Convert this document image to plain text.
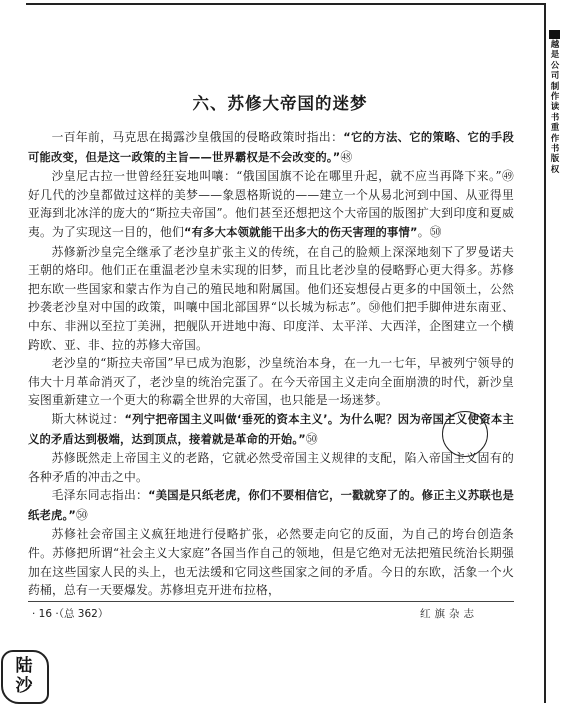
越是公司制作读书重作书版权
六、苏修大帝国的迷梦

一百年前，马克思在揭露沙皇俄国的侵略政策时指出：“它的方法、它的策略、它的手段可能改变，但是这一政策的主旨——世界霸权是不会改变的。”㊽

沙皇尼古拉一世曾经狂妄地叫嚷：“俄国国旗不论在哪里升起，就不应当再降下来。”㊾好几代的沙皇都做过这样的美梦——象恩格斯说的——建立一个从易北河到中国、从亚得里亚海到北冰洋的庞大的“斯拉夫帝国”。他们甚至还想把这个大帝国的版图扩大到印度和夏威夷。为了实现这一目的，他们“有多大本领就能干出多大的伤天害理的事情”。㊿

苏修新沙皇完全继承了老沙皇扩张主义的传统，在自己的脸颊上深深地刻下了罗曼诺夫王朝的烙印。他们正在重温老沙皇未实现的旧梦，而且比老沙皇的侵略野心更大得多。苏修把东欧一些国家和蒙古作为自己的殖民地和附属国。他们还妄想侵占更多的中国领土，公然抄袭老沙皇对中国的政策，叫嚷中国北部国界“以长城为标志”。㊿他们把手脚伸进东南亚、中东、非洲以至拉丁美洲，把舰队开进地中海、印度洋、太平洋、大西洋，企图建立一个横跨欧、亚、非、拉的苏修大帝国。

老沙皇的“斯拉夫帝国”早已成为泡影，沙皇统治本身，在一九一七年，早被列宁领导的伟大十月革命消灭了，老沙皇的统治完蛋了。在今天帝国主义走向全面崩溃的时代，新沙皇妄图重新建立一个更大的称霸全世界的大帝国，也只能是一场迷梦。

斯大林说过：“列宁把帝国主义叫做‘垂死的资本主义’。为什么呢？因为帝国主义使资本主义的矛盾达到极端，达到顶点，接着就是革命的开始。”㊿

苏修既然走上帝国主义的老路，它就必然受帝国主义规律的支配，陷入帝国主义固有的各种矛盾的冲击之中。

毛泽东同志指出：“美国是只纸老虎，你们不要相信它，一戳就穿了的。修正主义苏联也是纸老虎。”㊿

苏修社会帝国主义疯狂地进行侵略扩张，必然要走向它的反面，为自己的垮台创造条件。苏修把所谓“社会主义大家庭”各国当作自己的领地，但是它绝对无法把殖民统治长期强加在这些国家人民的头上，也无法缓和它同这些国家之间的矛盾。今日的东欧，活象一个火药桶，总有一天要爆发。苏修坦克开进布拉格，

· 16 ·（总 362）	红旗杂志
陆沙
